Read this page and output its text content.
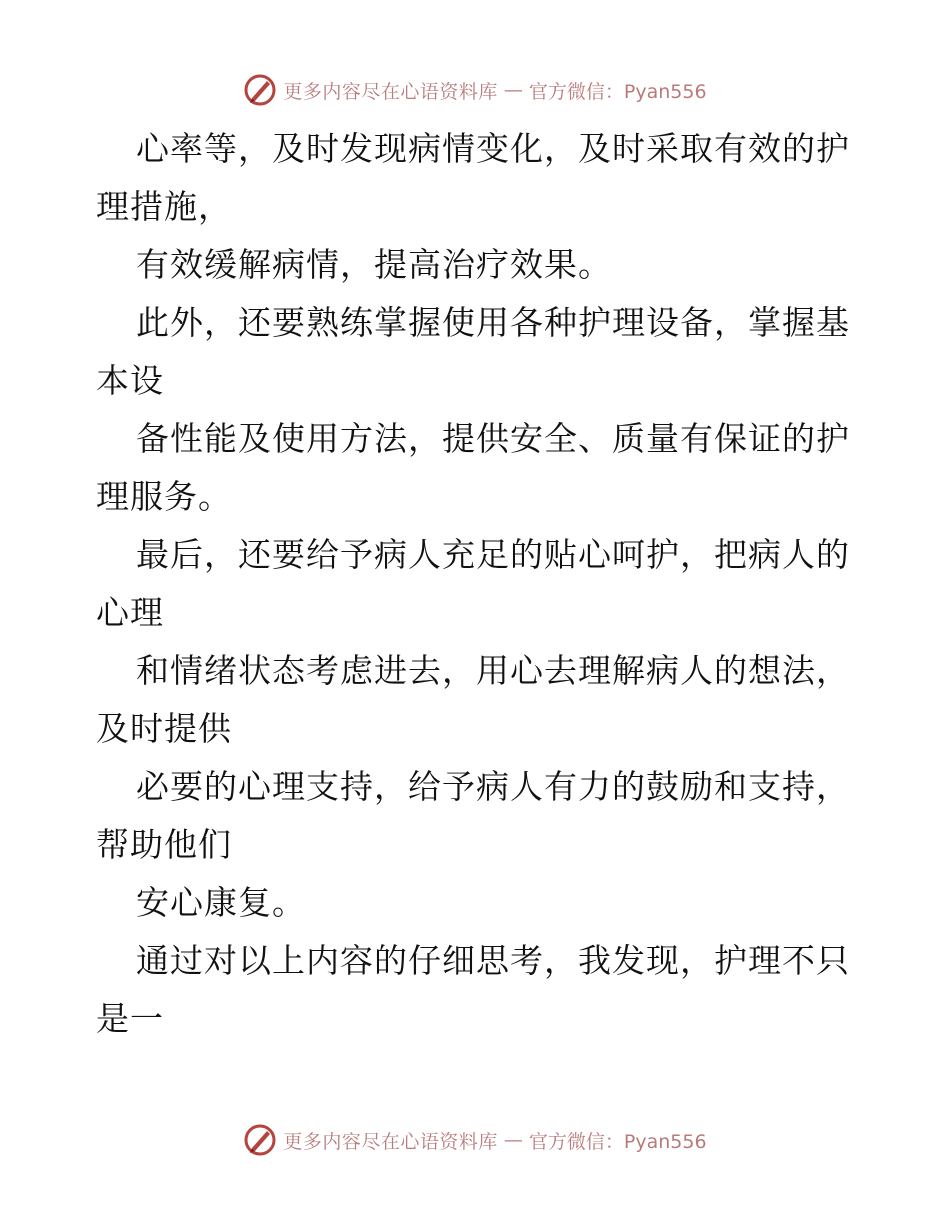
更多内容尽在心语资料库 — 官方微信：Pyan556
心率等，及时发现病情变化，及时采取有效的护
理措施，
有效缓解病情，提高治疗效果。
此外，还要熟练掌握使用各种护理设备，掌握基
本设
备性能及使用方法，提供安全、质量有保证的护
理服务。
最后，还要给予病人充足的贴心呵护，把病人的
心理
和情绪状态考虑进去，用心去理解病人的想法，
及时提供
必要的心理支持，给予病人有力的鼓励和支持，
帮助他们
安心康复。
通过对以上内容的仔细思考，我发现，护理不只
是一
更多内容尽在心语资料库 — 官方微信：Pyan556
